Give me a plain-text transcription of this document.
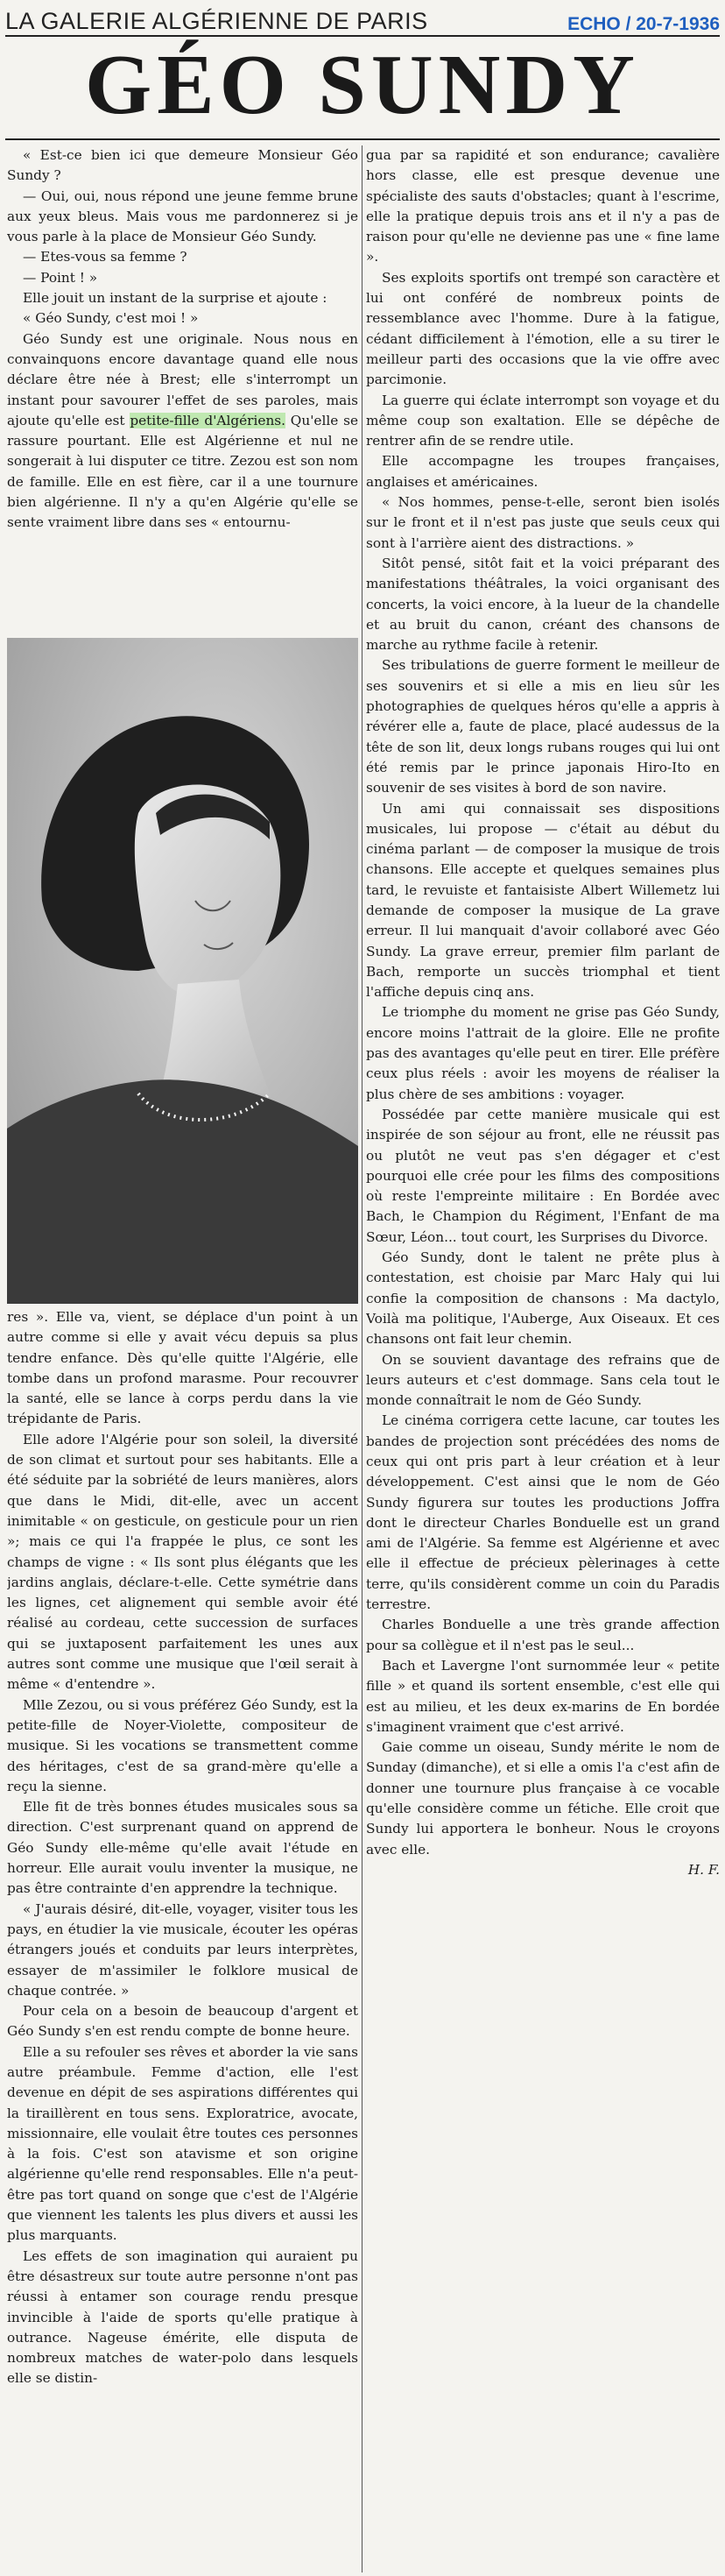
LA GALERIE ALGÉRIENNE DE PARIS	ECHO / 20-7-1936
GÉO SUNDY

« Est-ce bien ici que demeure Monsieur Géo Sundy ?

— Oui, oui, nous répond une jeune femme brune aux yeux bleus. Mais vous me pardonnerez si je vous parle à la place de Monsieur Géo Sundy.

— Etes-vous sa femme ?

— Point ! »

Elle jouit un instant de la surprise et ajoute :

« Géo Sundy, c'est moi ! »

Géo Sundy est une originale. Nous nous en convainquons encore davantage quand elle nous déclare être née à Brest; elle s'interrompt un instant pour savourer l'effet de ses paroles, mais ajoute qu'elle est petite-fille d'Algériens. Qu'elle se rassure pourtant. Elle est Algérienne et nul ne songerait à lui disputer ce titre. Zezou est son nom de famille. Elle en est fière, car il a une tournure bien algérienne. Il n'y a qu'en Algérie qu'elle se sente vraiment libre dans ses « entournu-

res ». Elle va, vient, se déplace d'un point à un autre comme si elle y avait vécu depuis sa plus tendre enfance. Dès qu'elle quitte l'Algérie, elle tombe dans un profond marasme. Pour recouvrer la santé, elle se lance à corps perdu dans la vie trépidante de Paris.

Elle adore l'Algérie pour son soleil, la diversité de son climat et surtout pour ses habitants. Elle a été séduite par la sobriété de leurs manières, alors que dans le Midi, dit-elle, avec un accent inimitable « on gesticule, on gesticule pour un rien »; mais ce qui l'a frappée le plus, ce sont les champs de vigne : « Ils sont plus élégants que les jardins anglais, déclare-t-elle. Cette symétrie dans les lignes, cet alignement qui semble avoir été réalisé au cordeau, cette succession de surfaces qui se juxtaposent parfaitement les unes aux autres sont comme une musique que l'œil serait à même « d'entendre ».

Mlle Zezou, ou si vous préférez Géo Sundy, est la petite-fille de Noyer-Violette, compositeur de musique. Si les vocations se transmettent comme des héritages, c'est de sa grand-mère qu'elle a reçu la sienne.

Elle fit de très bonnes études musicales sous sa direction. C'est surprenant quand on apprend de Géo Sundy elle-même qu'elle avait l'étude en horreur. Elle aurait voulu inventer la musique, ne pas être contrainte d'en apprendre la technique.

« J'aurais désiré, dit-elle, voyager, visiter tous les pays, en étudier la vie musicale, écouter les opéras étrangers joués et conduits par leurs interprètes, essayer de m'assimiler le folklore musical de chaque contrée. »

Pour cela on a besoin de beaucoup d'argent et Géo Sundy s'en est rendu compte de bonne heure.

Elle a su refouler ses rêves et aborder la vie sans autre préambule. Femme d'action, elle l'est devenue en dépit de ses aspirations différentes qui la tiraillèrent en tous sens. Exploratrice, avocate, missionnaire, elle voulait être toutes ces personnes à la fois. C'est son atavisme et son origine algérienne qu'elle rend responsables. Elle n'a peut-être pas tort quand on songe que c'est de l'Algérie que viennent les talents les plus divers et aussi les plus marquants.

Les effets de son imagination qui auraient pu être désastreux sur toute autre personne n'ont pas réussi à entamer son courage rendu presque invincible à l'aide de sports qu'elle pratique à outrance. Nageuse émérite, elle disputa de nombreux matches de water-polo dans lesquels elle se distin-

gua par sa rapidité et son endurance; cavalière hors classe, elle est presque devenue une spécialiste des sauts d'obstacles; quant à l'escrime, elle la pratique depuis trois ans et il n'y a pas de raison pour qu'elle ne devienne pas une « fine lame ».

Ses exploits sportifs ont trempé son caractère et lui ont conféré de nombreux points de ressemblance avec l'homme. Dure à la fatigue, cédant difficilement à l'émotion, elle a su tirer le meilleur parti des occasions que la vie offre avec parcimonie.

La guerre qui éclate interrompt son voyage et du même coup son exaltation. Elle se dépêche de rentrer afin de se rendre utile.

Elle accompagne les troupes françaises, anglaises et américaines.

« Nos hommes, pense-t-elle, seront bien isolés sur le front et il n'est pas juste que seuls ceux qui sont à l'arrière aient des distractions. »

Sitôt pensé, sitôt fait et la voici préparant des manifestations théâtrales, la voici organisant des concerts, la voici encore, à la lueur de la chandelle et au bruit du canon, créant des chansons de marche au rythme facile à retenir.

Ses tribulations de guerre forment le meilleur de ses souvenirs et si elle a mis en lieu sûr les photographies de quelques héros qu'elle a appris à révérer elle a, faute de place, placé audessus de la tête de son lit, deux longs rubans rouges qui lui ont été remis par le prince japonais Hiro-Ito en souvenir de ses visites à bord de son navire.

Un ami qui connaissait ses dispositions musicales, lui propose — c'était au début du cinéma parlant — de composer la musique de trois chansons. Elle accepte et quelques semaines plus tard, le revuiste et fantaisiste Albert Willemetz lui demande de composer la musique de La grave erreur. Il lui manquait d'avoir collaboré avec Géo Sundy. La grave erreur, premier film parlant de Bach, remporte un succès triomphal et tient l'affiche depuis cinq ans.

Le triomphe du moment ne grise pas Géo Sundy, encore moins l'attrait de la gloire. Elle ne profite pas des avantages qu'elle peut en tirer. Elle préfère ceux plus réels : avoir les moyens de réaliser la plus chère de ses ambitions : voyager.

Possédée par cette manière musicale qui est inspirée de son séjour au front, elle ne réussit pas ou plutôt ne veut pas s'en dégager et c'est pourquoi elle crée pour les films des compositions où reste l'empreinte militaire : En Bordée avec Bach, le Champion du Régiment, l'Enfant de ma Sœur, Léon... tout court, les Surprises du Divorce.

Géo Sundy, dont le talent ne prête plus à contestation, est choisie par Marc Haly qui lui confie la composition de chansons : Ma dactylo, Voilà ma politique, l'Auberge, Aux Oiseaux. Et ces chansons ont fait leur chemin.

On se souvient davantage des refrains que de leurs auteurs et c'est dommage. Sans cela tout le monde connaîtrait le nom de Géo Sundy.

Le cinéma corrigera cette lacune, car toutes les bandes de projection sont précédées des noms de ceux qui ont pris part à leur création et à leur développement. C'est ainsi que le nom de Géo Sundy figurera sur toutes les productions Joffra dont le directeur Charles Bonduelle est un grand ami de l'Algérie. Sa femme est Algérienne et avec elle il effectue de précieux pèlerinages à cette terre, qu'ils considèrent comme un coin du Paradis terrestre.

Charles Bonduelle a une très grande affection pour sa collègue et il n'est pas le seul...

Bach et Lavergne l'ont surnommée leur « petite fille » et quand ils sortent ensemble, c'est elle qui est au milieu, et les deux ex-marins de En bordée s'imaginent vraiment que c'est arrivé.

Gaie comme un oiseau, Sundy mérite le nom de Sunday (dimanche), et si elle a omis l'a c'est afin de donner une tournure plus française à ce vocable qu'elle considère comme un fétiche. Elle croit que Sundy lui apportera le bonheur. Nous le croyons avec elle.

H. F.
